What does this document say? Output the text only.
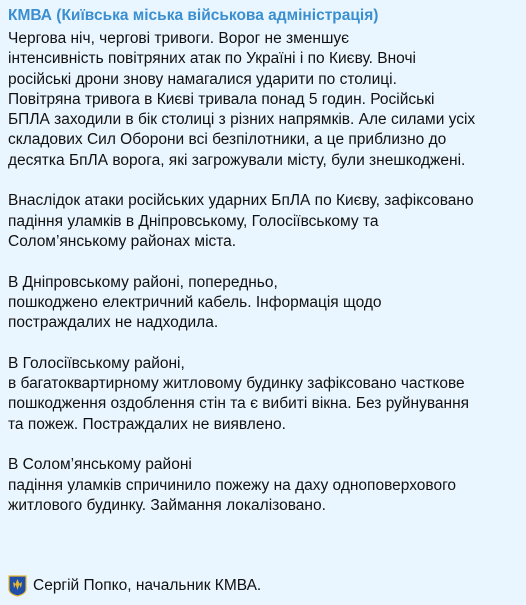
КМВА (Київська міська військова адміністрація)

Чергова ніч, чергові тривоги. Ворог не зменшує
інтенсивність повітряних атак по Україні і по Києву. Вночі
російські дрони знову намагалися ударити по столиці.
Повітряна тривога в Києві тривала понад 5 годин. Російські
БПЛА заходили в бік столиці з різних напрямків. Але силами усіх
складових Сил Оборони всі безпілотники, а це приблизно до
десятка БпЛА ворога, які загрожували місту, були знешкоджені.

Внаслідок атаки російських ударних БпЛА по Києву, зафіксовано
падіння уламків в Дніпровському, Голосіївському та
Солом’янському районах міста.

В Дніпровському районі, попередньо,
пошкоджено електричний кабель. Інформація щодо
постраждалих не надходила.

В Голосіївському районі,
в багатоквартирному житловому будинку зафіксовано часткове
пошкодження оздоблення стін та є вибиті вікна. Без руйнування
та пожеж. Постраждалих не виявлено.

В Солом’янському районі
падіння уламків спричинило пожежу на даху одноповерхового
житлового будинку. Займання локалізовано.

Сергій Попко, начальник КМВА.
